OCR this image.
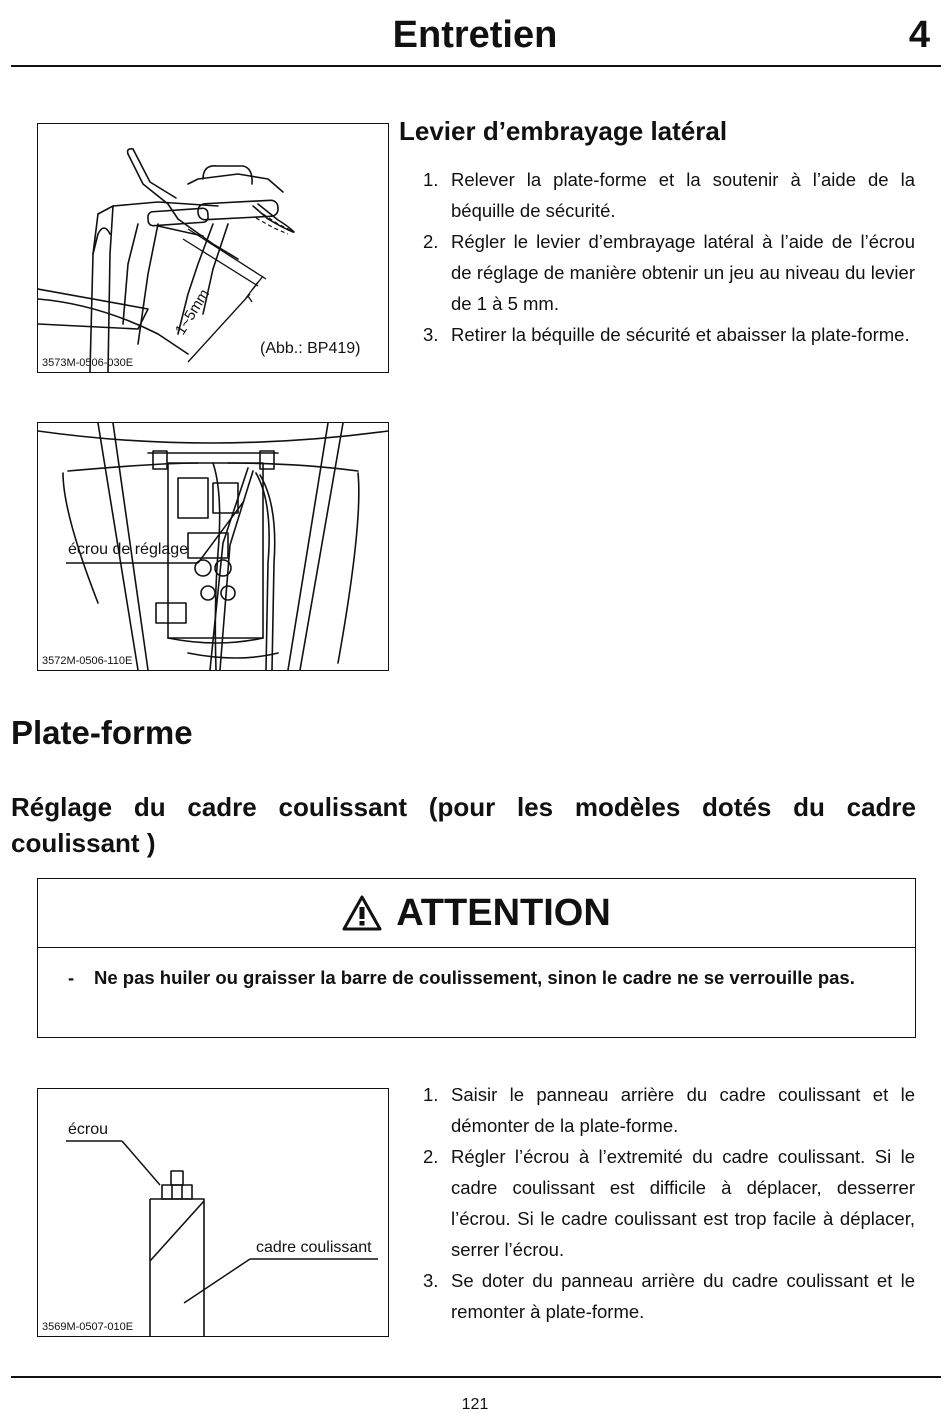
Entretien	4
1~5mm
(Abb.: BP419)
3573M-0506-030E
Levier d’embrayage latéral
1. Relever la plate-forme et la soutenir à l’aide de la béquille de sécurité.
2. Régler le levier d’embrayage latéral à l’aide de l’écrou de réglage de manière obtenir un jeu au niveau du levier de 1 à 5 mm.
3. Retirer la béquille de sécurité et abaisser la plate-forme.
écrou de réglage
3572M-0506-110E
Plate-forme
Réglage du cadre coulissant (pour les modèles dotés du cadre coulissant )
ATTENTION
- Ne pas huiler ou graisser la barre de coulissement, sinon le cadre ne se verrouille pas.
écrou
cadre coulissant
3569M-0507-010E
1. Saisir le panneau arrière du cadre coulissant et le démonter de la plate-forme.
2. Régler l’écrou à l’extremité du cadre coulissant. Si le cadre coulissant est difficile à déplacer, desserrer l’écrou. Si le cadre coulissant est trop facile à déplacer, serrer l’écrou.
3. Se doter du panneau arrière du cadre coulissant et le remonter à plate-forme.
121
